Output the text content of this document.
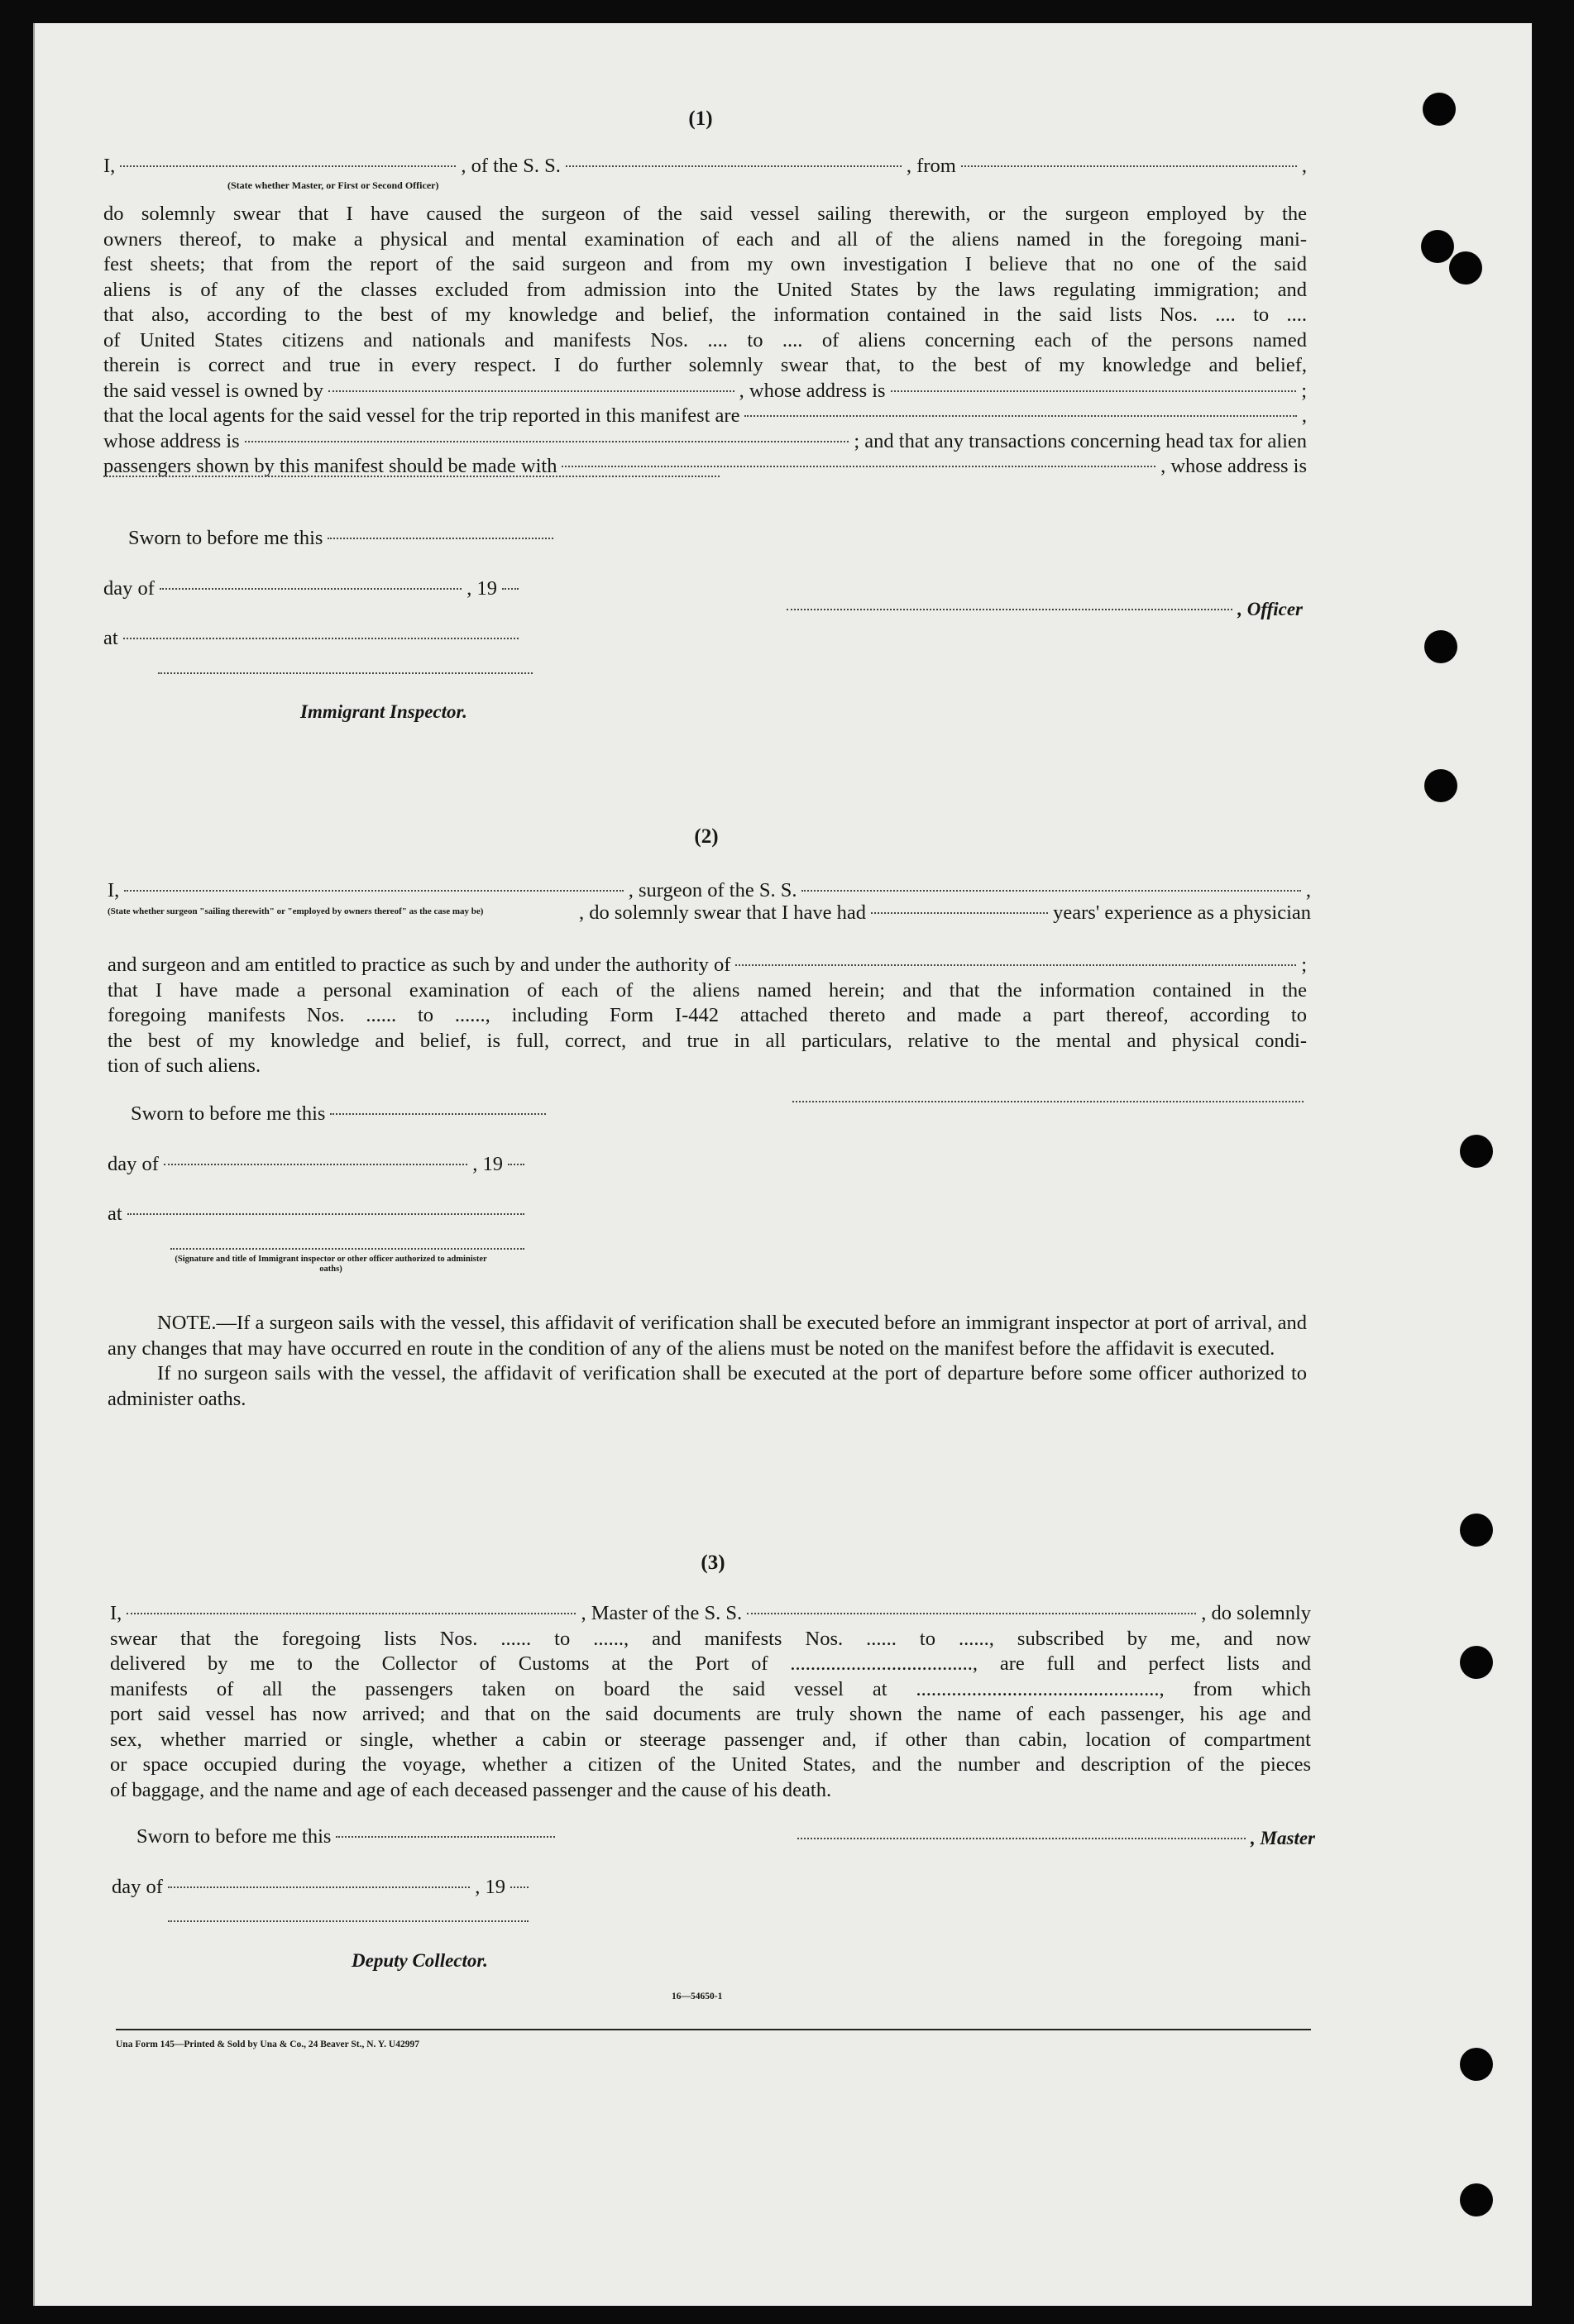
(1)
I,	, of the S. S.	, from	,
(State whether Master, or First or Second Officer)
do solemnly swear that I have caused the surgeon of the said vessel sailing therewith, or the surgeon employed by the
owners thereof, to make a physical and mental examination of each and all of the aliens named in the foregoing mani-
fest sheets; that from the report of the said surgeon and from my own investigation I believe that no one of the said
aliens is of any of the classes excluded from admission into the United States by the laws regulating immigration; and
that also, according to the best of my knowledge and belief, the information contained in the said lists Nos. .... to ....
of United States citizens and nationals and manifests Nos. .... to .... of aliens concerning each of the persons named
therein is correct and true in every respect. I do further solemnly swear that, to the best of my knowledge and belief,
the said vessel is owned by	, whose address is	;
that the local agents for the said vessel for the trip reported in this manifest are	,
whose address is	; and that any transactions concerning head tax for alien
passengers shown by this manifest should be made with	, whose address is
Sworn to before me this
day of	, 19
at
, Officer
Immigrant Inspector.
(2)
I,	, surgeon of the S. S.	,
(State whether surgeon "sailing therewith" or "employed by owners thereof" as the case may be)	, do solemnly swear that I have had	years' experience as a physician
and surgeon and am entitled to practice as such by and under the authority of	;
that I have made a personal examination of each of the aliens named herein; and that the information contained in the
foregoing manifests Nos. ...... to ......, including Form I-442 attached thereto and made a part thereof, according to
the best of my knowledge and belief, is full, correct, and true in all particulars, relative to the mental and physical condi-
tion of such aliens.
Sworn to before me this
day of	, 19
at
(Signature and title of Immigrant inspector or other officer authorized to administer oaths)
NOTE.—If a surgeon sails with the vessel, this affidavit of verification shall be executed before an immigrant inspector at port of arrival, and any changes that may have occurred en route in the condition of any of the aliens must be noted on the manifest before the affidavit is executed.
If no surgeon sails with the vessel, the affidavit of verification shall be executed at the port of departure before some officer authorized to administer oaths.
(3)
I,	, Master of the S. S.	, do solemnly
swear that the foregoing lists Nos. ...... to ......, and manifests Nos. ...... to ......, subscribed by me, and now
delivered by me to the Collector of Customs at the Port of ...................................., are full and perfect lists and
manifests of all the passengers taken on board the said vessel at ................................................, from which
port said vessel has now arrived; and that on the said documents are truly shown the name of each passenger, his age and
sex, whether married or single, whether a cabin or steerage passenger and, if other than cabin, location of compartment
or space occupied during the voyage, whether a citizen of the United States, and the number and description of the pieces
of baggage, and the name and age of each deceased passenger and the cause of his death.
Sworn to before me this
day of	, 19
, Master
Deputy Collector.
16—54650-1
Una Form 145—Printed & Sold by Una & Co., 24 Beaver St., N. Y. U42997
